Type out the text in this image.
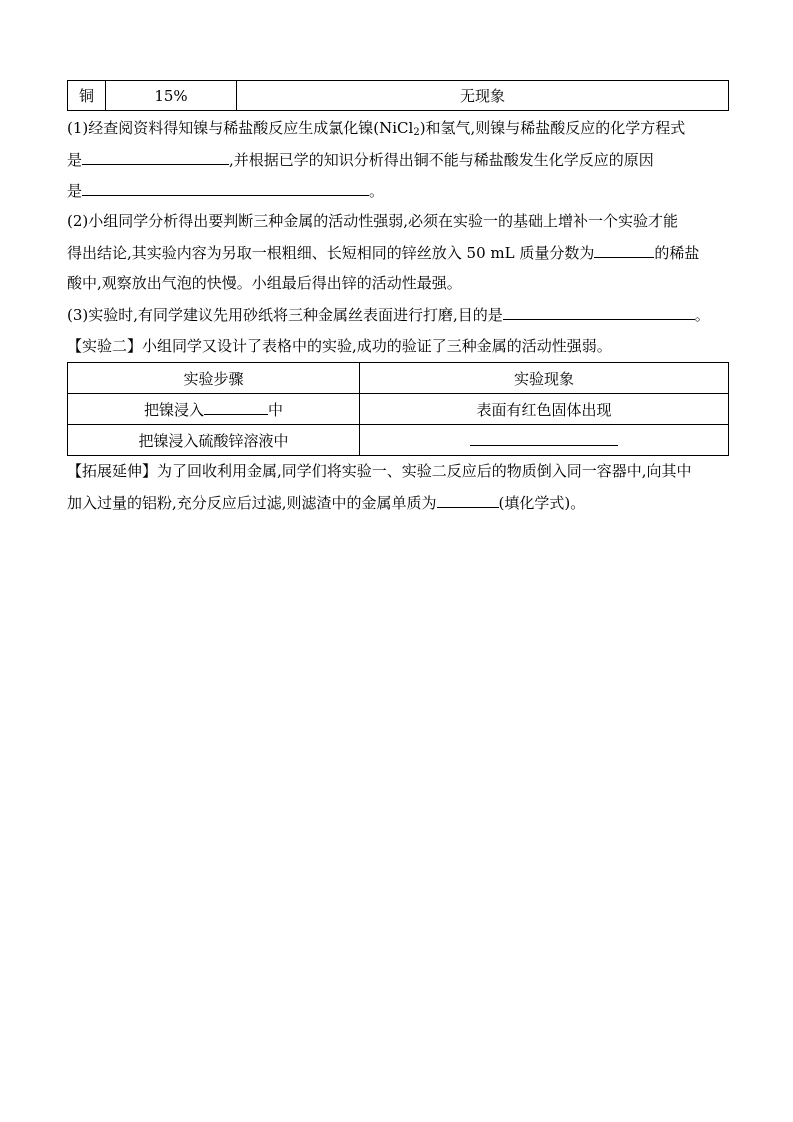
铜	15%	无现象
(1)经查阅资料得知镍与稀盐酸反应生成氯化镍(NiCl$_2$)和氢气,则镍与稀盐酸反应的化学方程式
是	,并根据已学的知识分析得出铜不能与稀盐酸发生化学反应的原因
是	。
(2)小组同学分析得出要判断三种金属的活动性强弱,必须在实验一的基础上增补一个实验才能
得出结论,其实验内容为另取一根粗细、长短相同的锌丝放入 50 mL 质量分数为	的稀盐
酸中,观察放出气泡的快慢。小组最后得出锌的活动性最强。
(3)实验时,有同学建议先用砂纸将三种金属丝表面进行打磨,目的是	。
【实验二】小组同学又设计了表格中的实验,成功的验证了三种金属的活动性强弱。
实验步骤	实验现象
把镍浸入 中	表面有红色固体出现
把镍浸入硫酸锌溶液中	
【拓展延伸】为了回收利用金属,同学们将实验一、实验二反应后的物质倒入同一容器中,向其中
加入过量的铝粉,充分反应后过滤,则滤渣中的金属单质为	(填化学式)。
